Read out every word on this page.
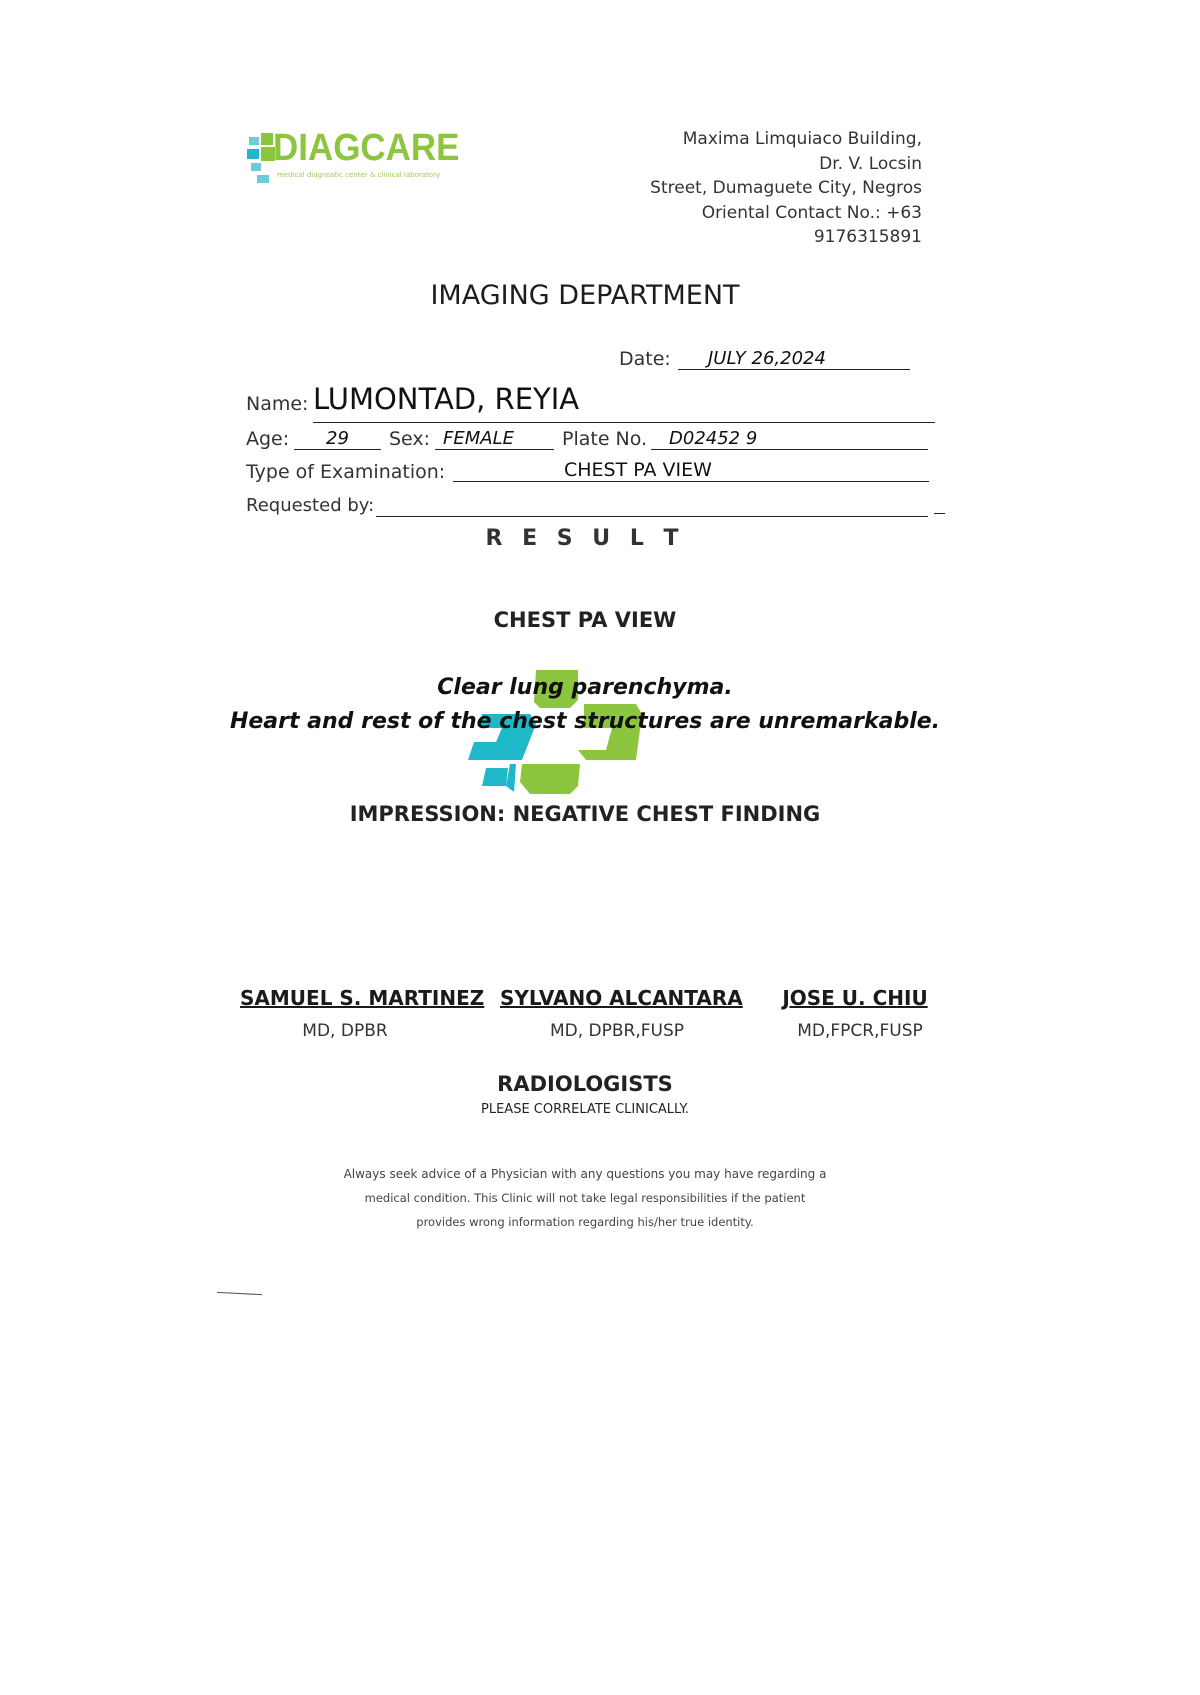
DIAGCARE
medical diagnostic center & clinical laboratory
Maxima Limquiaco Building,
Dr. V. Locsin
Street, Dumaguete City, Negros
Oriental Contact No.: +63
9176315891
IMAGING DEPARTMENT
Date:	JULY 26,2024
Name: LUMONTAD, REYIA
Age:	29	Sex: FEMALE	Plate No.	D02452 9
Type of Examination:	CHEST PA VIEW
Requested by:
R E S U L T
CHEST PA VIEW
Clear lung parenchyma.
Heart and rest of the chest structures are unremarkable.
IMPRESSION: NEGATIVE CHEST FINDING
SAMUEL S. MARTINEZ
MD, DPBR
SYLVANO ALCANTARA
MD, DPBR,FUSP
JOSE U. CHIU
MD,FPCR,FUSP
RADIOLOGISTS
PLEASE CORRELATE CLINICALLY.
Always seek advice of a Physician with any questions you may have regarding a
medical condition. This Clinic will not take legal responsibilities if the patient
provides wrong information regarding his/her true identity.
